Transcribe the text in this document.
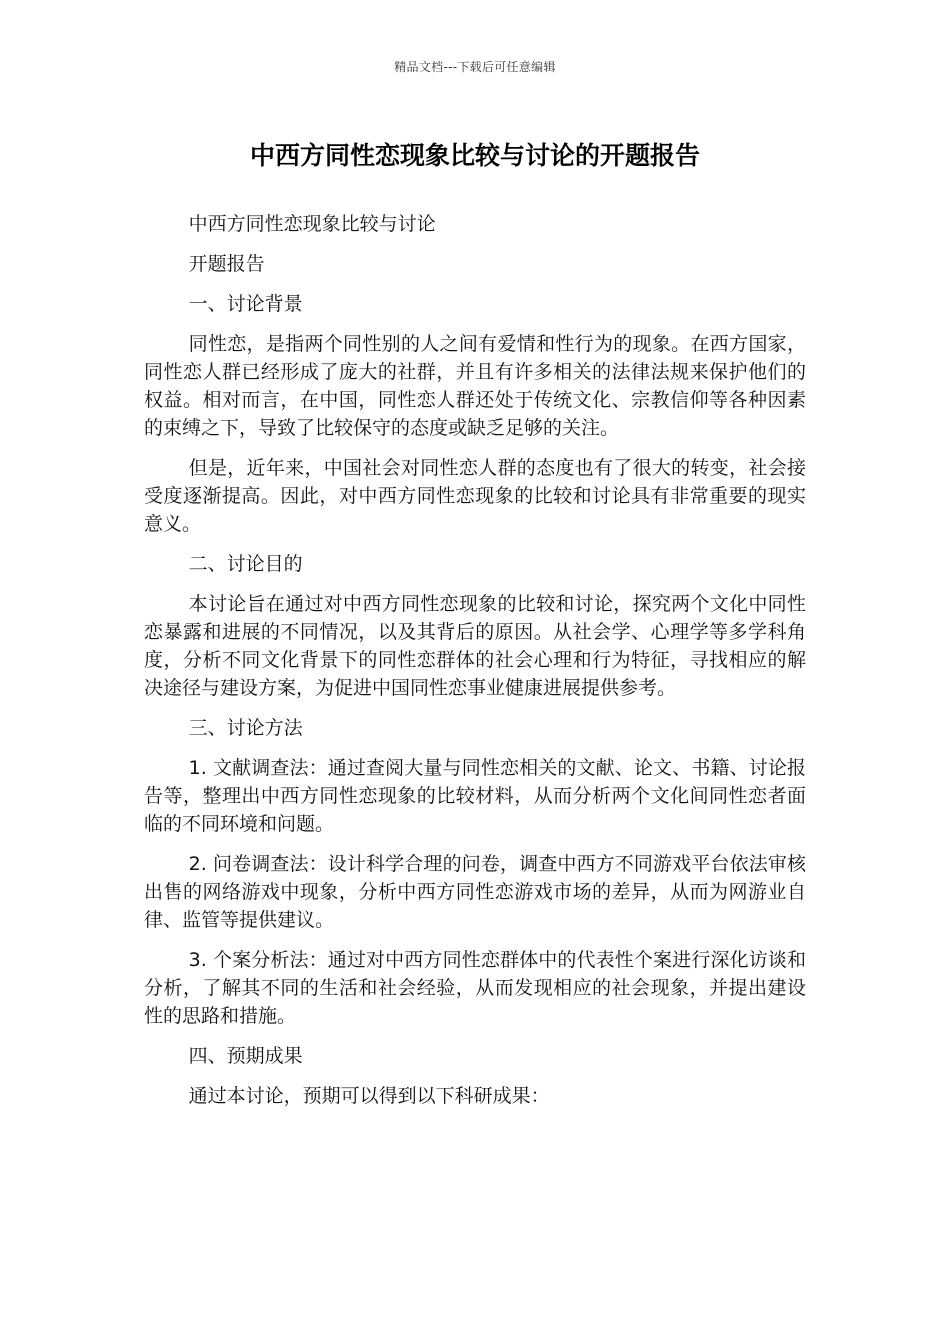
精品文档---下载后可任意编辑
中西方同性恋现象比较与讨论的开题报告

中西方同性恋现象比较与讨论

开题报告

一、讨论背景

同性恋，是指两个同性别的人之间有爱情和性行为的现象。在西方国家，同性恋人群已经形成了庞大的社群，并且有许多相关的法律法规来保护他们的权益。相对而言，在中国，同性恋人群还处于传统文化、宗教信仰等各种因素的束缚之下，导致了比较保守的态度或缺乏足够的关注。

但是，近年来，中国社会对同性恋人群的态度也有了很大的转变，社会接受度逐渐提高。因此，对中西方同性恋现象的比较和讨论具有非常重要的现实意义。

二、讨论目的

本讨论旨在通过对中西方同性恋现象的比较和讨论，探究两个文化中同性恋暴露和进展的不同情况，以及其背后的原因。从社会学、心理学等多学科角度，分析不同文化背景下的同性恋群体的社会心理和行为特征，寻找相应的解决途径与建设方案，为促进中国同性恋事业健康进展提供参考。

三、讨论方法

1. 文献调查法：通过查阅大量与同性恋相关的文献、论文、书籍、讨论报告等，整理出中西方同性恋现象的比较材料，从而分析两个文化间同性恋者面临的不同环境和问题。

2. 问卷调查法：设计科学合理的问卷，调查中西方不同游戏平台依法审核出售的网络游戏中现象，分析中西方同性恋游戏市场的差异，从而为网游业自律、监管等提供建议。

3. 个案分析法：通过对中西方同性恋群体中的代表性个案进行深化访谈和分析，了解其不同的生活和社会经验，从而发现相应的社会现象，并提出建设性的思路和措施。

四、预期成果

通过本讨论，预期可以得到以下科研成果：
